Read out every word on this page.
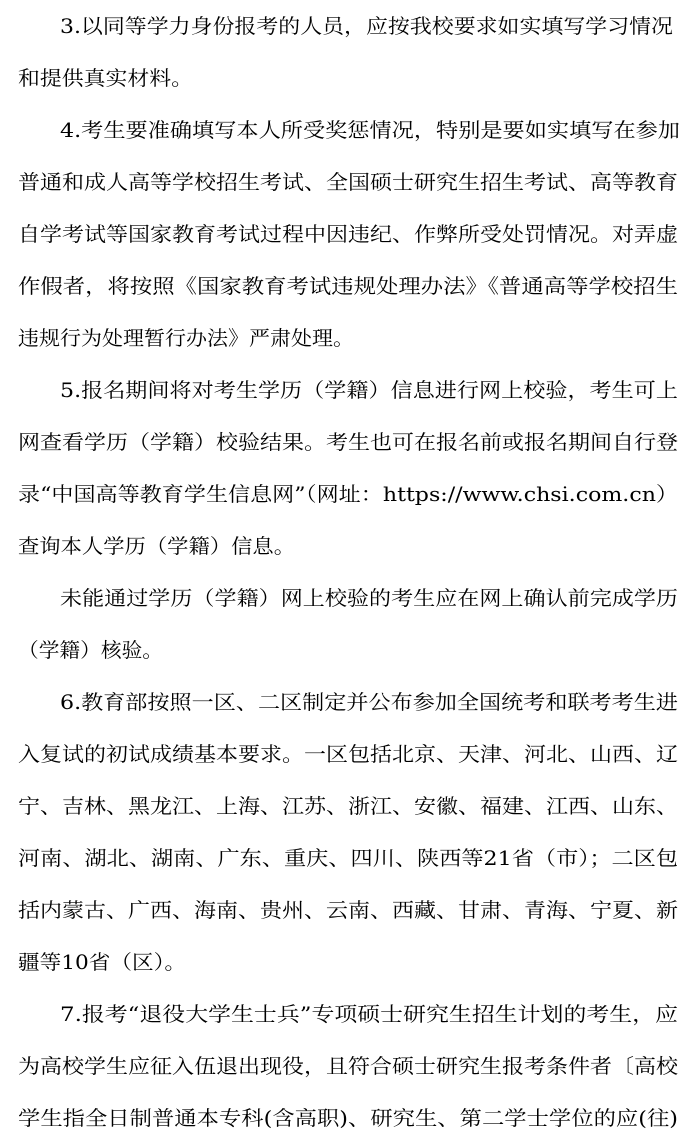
3.以同等学力身份报考的人员，应按我校要求如实填写学习情况
和提供真实材料。
4.考生要准确填写本人所受奖惩情况，特别是要如实填写在参加
普通和成人高等学校招生考试、全国硕士研究生招生考试、高等教育
自学考试等国家教育考试过程中因违纪、作弊所受处罚情况。对弄虚
作假者，将按照《国家教育考试违规处理办法》《普通高等学校招生
违规行为处理暂行办法》严肃处理。
5.报名期间将对考生学历（学籍）信息进行网上校验，考生可上
网查看学历（学籍）校验结果。考生也可在报名前或报名期间自行登
录“中国高等教育学生信息网”（网址：https://www.chsi.com.cn）
查询本人学历（学籍）信息。
未能通过学历（学籍）网上校验的考生应在网上确认前完成学历
（学籍）核验。
6.教育部按照一区、二区制定并公布参加全国统考和联考考生进
入复试的初试成绩基本要求。一区包括北京、天津、河北、山西、辽
宁、吉林、黑龙江、上海、江苏、浙江、安徽、福建、江西、山东、
河南、湖北、湖南、广东、重庆、四川、陕西等21省（市）；二区包
括内蒙古、广西、海南、贵州、云南、西藏、甘肃、青海、宁夏、新
疆等10省（区）。
7.报考“退役大学生士兵”专项硕士研究生招生计划的考生，应
为高校学生应征入伍退出现役，且符合硕士研究生报考条件者〔高校
学生指全日制普通本专科(含高职)、研究生、第二学士学位的应(往)
